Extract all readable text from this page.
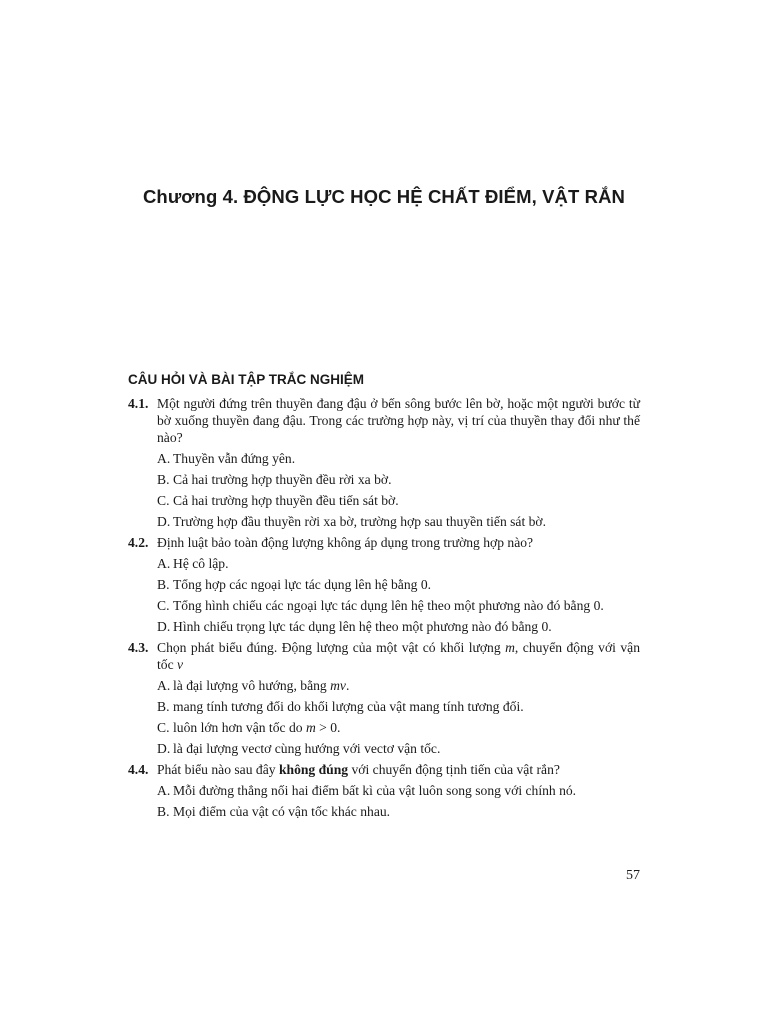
Chương 4. ĐỘNG LỰC HỌC HỆ CHẤT ĐIỂM, VẬT RẮN
CÂU HỎI VÀ BÀI TẬP TRẮC NGHIỆM
4.1. Một người đứng trên thuyền đang đậu ở bến sông bước lên bờ, hoặc một người bước từ bờ xuống thuyền đang đậu. Trong các trường hợp này, vị trí của thuyền thay đổi như thế nào?
A. Thuyền vẫn đứng yên.
B. Cả hai trường hợp thuyền đều rời xa bờ.
C. Cả hai trường hợp thuyền đều tiến sát bờ.
D. Trường hợp đầu thuyền rời xa bờ, trường hợp sau thuyền tiến sát bờ.
4.2. Định luật bảo toàn động lượng không áp dụng trong trường hợp nào?
A. Hệ cô lập.
B. Tổng hợp các ngoại lực tác dụng lên hệ bằng 0.
C. Tổng hình chiếu các ngoại lực tác dụng lên hệ theo một phương nào đó bằng 0.
D. Hình chiếu trọng lực tác dụng lên hệ theo một phương nào đó bằng 0.
4.3. Chọn phát biểu đúng. Động lượng của một vật có khối lượng m, chuyển động với vận tốc v
A. là đại lượng vô hướng, bằng mv.
B. mang tính tương đối do khối lượng của vật mang tính tương đối.
C. luôn lớn hơn vận tốc do m > 0.
D. là đại lượng vectơ cùng hướng với vectơ vận tốc.
4.4. Phát biểu nào sau đây không đúng với chuyển động tịnh tiến của vật rắn?
A. Mỗi đường thẳng nối hai điểm bất kì của vật luôn song song với chính nó.
B. Mọi điểm của vật có vận tốc khác nhau.
57
